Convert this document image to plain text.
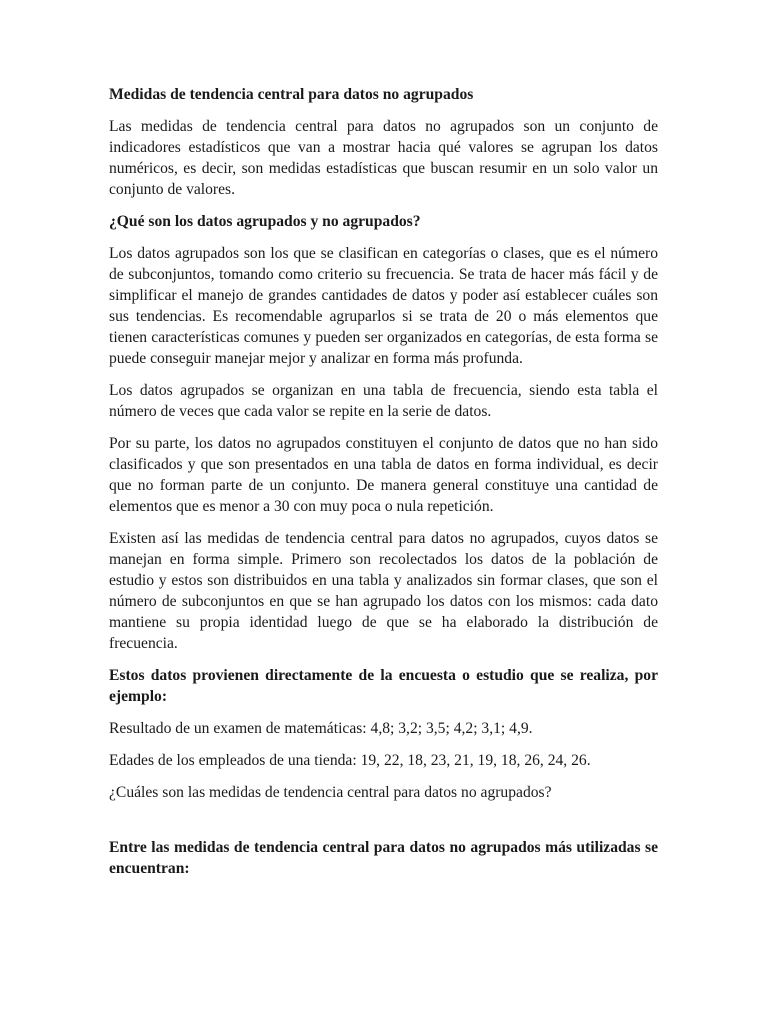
Medidas de tendencia central para datos no agrupados

Las medidas de tendencia central para datos no agrupados son un conjunto de indicadores estadísticos que van a mostrar hacia qué valores se agrupan los datos numéricos, es decir, son medidas estadísticas que buscan resumir en un solo valor un conjunto de valores.

¿Qué son los datos agrupados y no agrupados?

Los datos agrupados son los que se clasifican en categorías o clases, que es el número de subconjuntos, tomando como criterio su frecuencia. Se trata de hacer más fácil y de simplificar el manejo de grandes cantidades de datos y poder así establecer cuáles son sus tendencias. Es recomendable agruparlos si se trata de 20 o más elementos que tienen características comunes y pueden ser organizados en categorías, de esta forma se puede conseguir manejar mejor y analizar en forma más profunda.

Los datos agrupados se organizan en una tabla de frecuencia, siendo esta tabla el número de veces que cada valor se repite en la serie de datos.

Por su parte, los datos no agrupados constituyen el conjunto de datos que no han sido clasificados y que son presentados en una tabla de datos en forma individual, es decir que no forman parte de un conjunto. De manera general constituye una cantidad de elementos que es menor a 30 con muy poca o nula repetición.

Existen así las medidas de tendencia central para datos no agrupados, cuyos datos se manejan en forma simple. Primero son recolectados los datos de la población de estudio y estos son distribuidos en una tabla y analizados sin formar clases, que son el número de subconjuntos en que se han agrupado los datos con los mismos: cada dato mantiene su propia identidad luego de que se ha elaborado la distribución de frecuencia.

Estos datos provienen directamente de la encuesta o estudio que se realiza, por ejemplo:

Resultado de un examen de matemáticas: 4,8; 3,2; 3,5; 4,2; 3,1; 4,9.

Edades de los empleados de una tienda: 19, 22, 18, 23, 21, 19, 18, 26, 24, 26.

¿Cuáles son las medidas de tendencia central para datos no agrupados?

Entre las medidas de tendencia central para datos no agrupados más utilizadas se encuentran:
